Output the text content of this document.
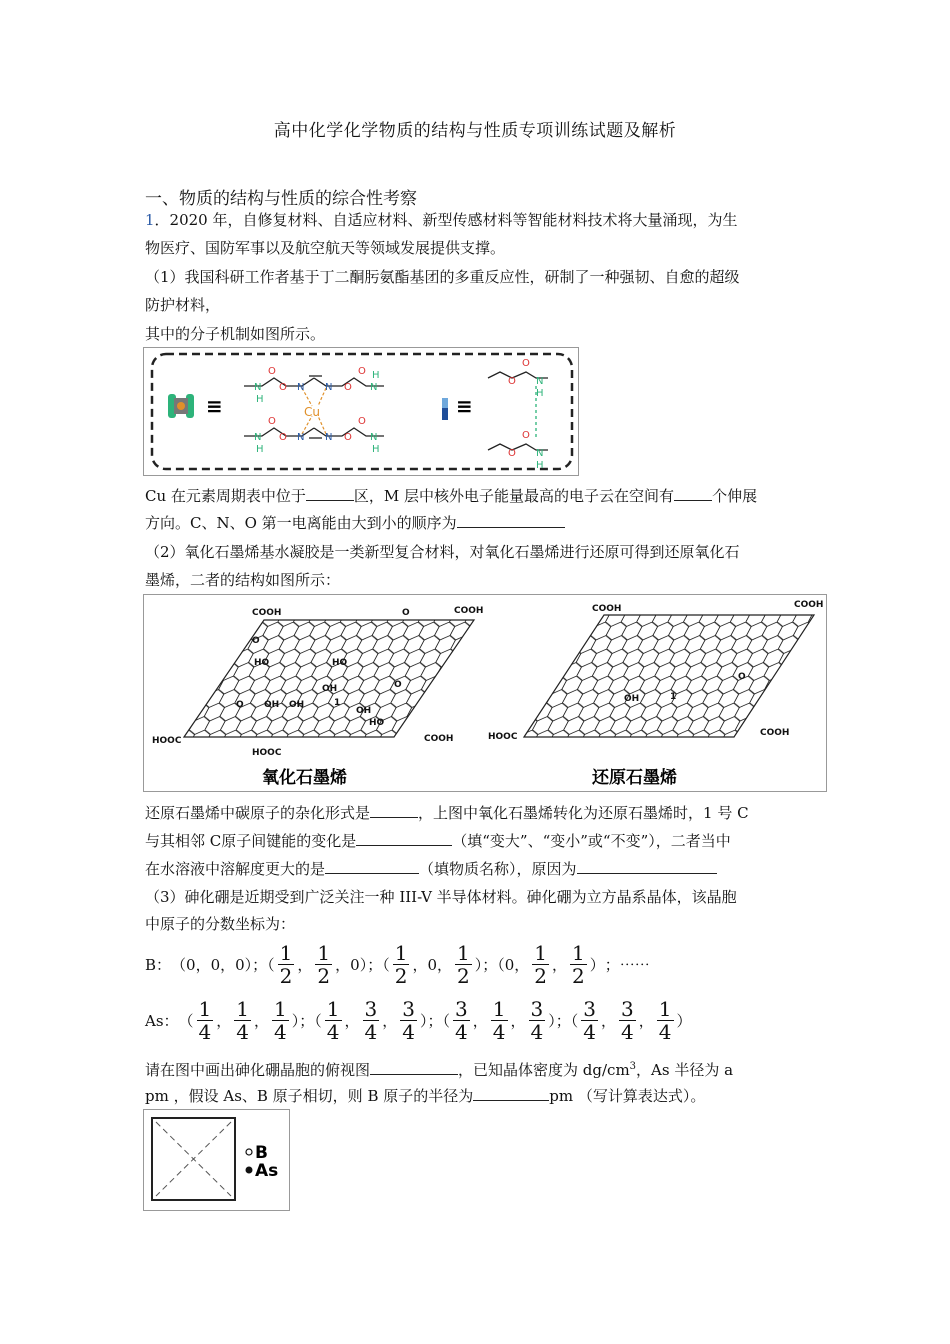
高中化学化学物质的结构与性质专项训练试题及解析
一、物质的结构与性质的综合性考察
1．2020 年，自修复材料、自适应材料、新型传感材料等智能材料技术将大量涌现，为生
物医疗、国防军事以及航空航天等领域发展提供支撑。
（1）我国科研工作者基于丁二酮肟氨酯基团的多重反应性，研制了一种强韧、自愈的超级
防护材料，
其中的分子机制如图所示。
≡	Cu
N
H
O
O N N O
O
N
H
N
H
O
O N N O
O
N
H
≡
O
O
N
H
O
O
N
H
Cu 在元素周期表中位于	区，M 层中核外电子能量最高的电子云在空间有	个伸展
方向。C、N、O 第一电离能由大到小的顺序为
（2）氧化石墨烯基水凝胶是一类新型复合材料，对氧化石墨烯进行还原可得到还原氧化石
墨烯，二者的结构如图所示：
COOH	COOH
O
HOOC
HOOC
COOH
O
HO	HO
OH
OH OH	1
OH
HO
O
O
COOH	COOH
HOOC	COOH
OH	1
O
氧化石墨烯	还原石墨烯
还原石墨烯中碳原子的杂化形式是	，上图中氧化石墨烯转化为还原石墨烯时，1 号 C
与其相邻 C原子间键能的变化是	（填“变大”、“变小”或“不变”），二者当中
在水溶液中溶解度更大的是	（填物质名称），原因为
（3）砷化硼是近期受到广泛关注一种 III-V 半导体材料。砷化硼为立方晶系晶体，该晶胞
中原子的分数坐标为：
B： （0，0，0）；（ $\frac{1}{2}$ ， $\frac{1}{2}$ ，0）；（ $\frac{1}{2}$ ，0， $\frac{1}{2}$ ）；（0， $\frac{1}{2}$ ， $\frac{1}{2}$ ） ；⋯⋯
As： （ $\frac{1}{4}$ ， $\frac{1}{4}$ ， $\frac{1}{4}$ ）；（ $\frac{1}{4}$ ， $\frac{3}{4}$ ， $\frac{3}{4}$ ）；（ $\frac{3}{4}$ ， $\frac{1}{4}$ ， $\frac{3}{4}$ ）；（ $\frac{3}{4}$ ， $\frac{3}{4}$ ， $\frac{1}{4}$ ）
请在图中画出砷化硼晶胞的俯视图	，已知晶体密度为 $dg/cm^3$，As 半径为 a
pm ，假设 As、B 原子相切，则 B 原子的半径为	pm （写计算表达式）。
B
As
